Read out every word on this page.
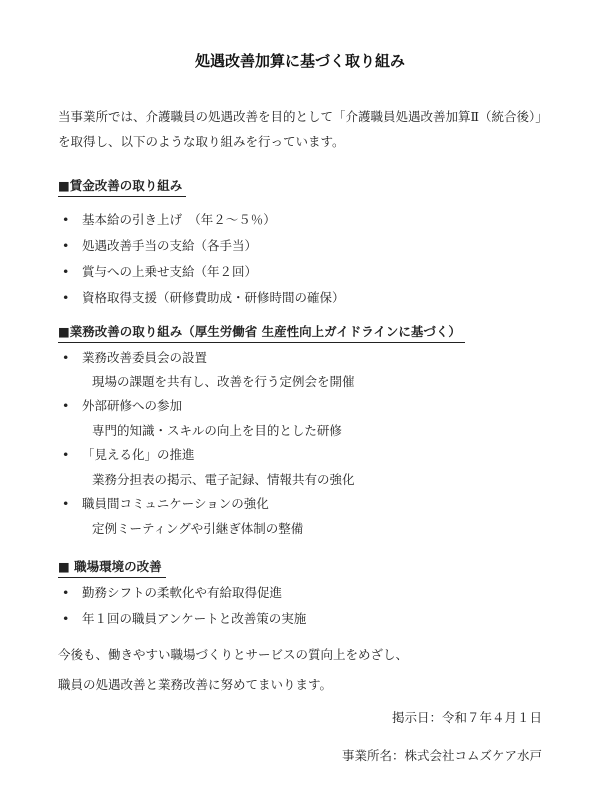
処遇改善加算に基づく取り組み
当事業所では、介護職員の処遇改善を目的として「介護職員処遇改善加算Ⅱ（統合後）」を取得し、以下のような取り組みを行っています。
■賃金改善の取り組み
• 基本給の引き上げ　（年２～５％）
• 処遇改善手当の支給（各手当）
• 賞与への上乗せ支給（年２回）
• 資格取得支援（研修費助成・研修時間の確保）
■業務改善の取り組み（厚生労働省 生産性向上ガイドラインに基づく）
• 業務改善委員会の設置
現場の課題を共有し、改善を行う定例会を開催
• 外部研修への参加
専門的知識・スキルの向上を目的とした研修
• 「見える化」の推進
業務分担表の掲示、電子記録、情報共有の強化
• 職員間コミュニケーションの強化
定例ミーティングや引継ぎ体制の整備
■ 職場環境の改善
• 勤務シフトの柔軟化や有給取得促進
• 年１回の職員アンケートと改善策の実施
今後も、働きやすい職場づくりとサービスの質向上をめざし、
職員の処遇改善と業務改善に努めてまいります。
掲示日：令和７年４月１日
事業所名：株式会社コムズケア水戸
